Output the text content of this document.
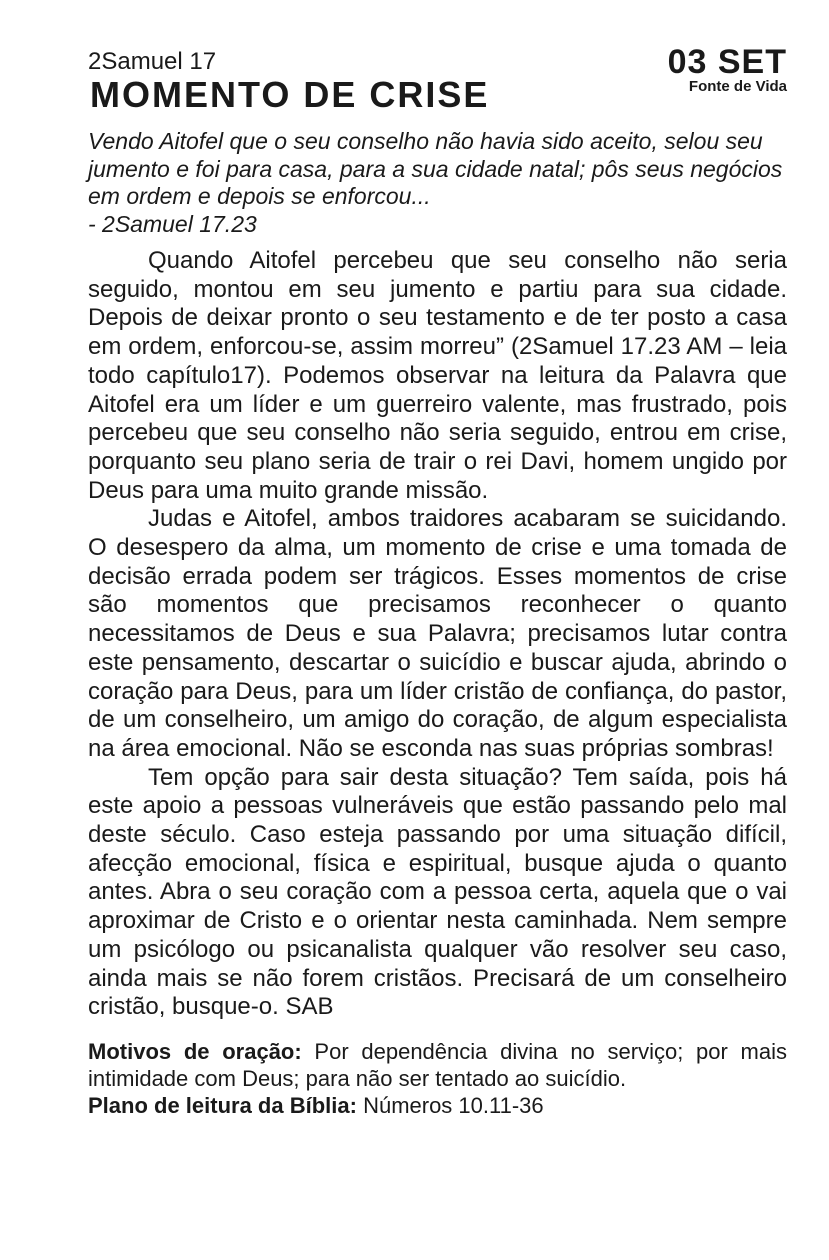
2Samuel 17
MOMENTO DE CRISE
03 SET
Fonte de Vida
Vendo Aitofel que o seu conselho não havia sido aceito, selou seu jumento e foi para casa, para a sua cidade natal; pôs seus negócios em ordem e depois se enforcou...
- 2Samuel 17.23

Quando Aitofel percebeu que seu conselho não seria seguido, montou em seu jumento e partiu para sua cidade. Depois de deixar pronto o seu testamento e de ter posto a casa em ordem, enforcou-se, assim morreu” (2Samuel 17.23 AM – leia todo capítulo17). Podemos observar na leitura da Palavra que Aitofel era um líder e um guerreiro valente, mas frustrado, pois percebeu que seu conselho não seria seguido, entrou em crise, porquanto seu plano seria de trair o rei Davi, homem ungido por Deus para uma muito grande missão.

Judas e Aitofel, ambos traidores acabaram se suicidando. O desespero da alma, um momento de crise e uma tomada de decisão errada podem ser trágicos. Esses momentos de crise são momentos que precisamos reconhecer o quanto necessitamos de Deus e sua Palavra; precisamos lutar contra este pensamento, descartar o suicídio e buscar ajuda, abrindo o coração para Deus, para um líder cristão de confiança, do pastor, de um conselheiro, um amigo do coração, de algum especialista na área emocional. Não se esconda nas suas próprias sombras!

Tem opção para sair desta situação? Tem saída, pois há este apoio a pessoas vulneráveis que estão passando pelo mal deste século. Caso esteja passando por uma situação difícil, afecção emocional, física e espiritual, busque ajuda o quanto antes. Abra o seu coração com a pessoa certa, aquela que o vai aproximar de Cristo e o orientar nesta caminhada. Nem sempre um psicólogo ou psicanalista qualquer vão resolver seu caso, ainda mais se não forem cristãos. Precisará de um conselheiro cristão, busque-o. SAB

Motivos de oração: Por dependência divina no serviço; por mais intimidade com Deus; para não ser tentado ao suicídio.

Plano de leitura da Bíblia: Números 10.11-36
